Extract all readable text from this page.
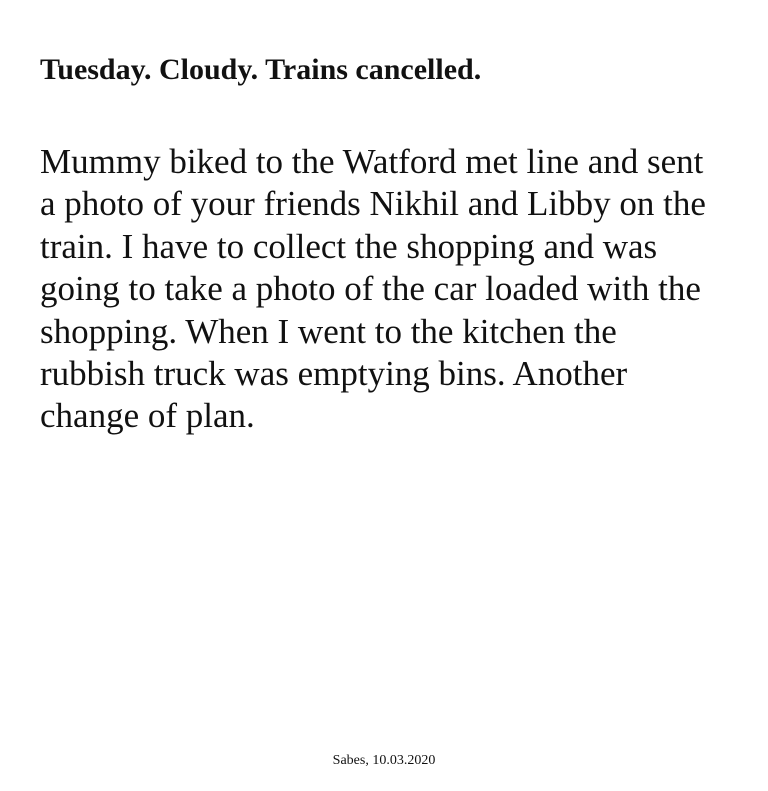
Tuesday. Cloudy. Trains cancelled.
Mummy biked to the Watford met line and sent
a photo of your friends Nikhil and Libby on the
train. I have to collect the shopping and was
going to take a photo of the car loaded with the
shopping. When I went to the kitchen the
rubbish truck was emptying bins. Another
change of plan.
Sabes, 10.03.2020
